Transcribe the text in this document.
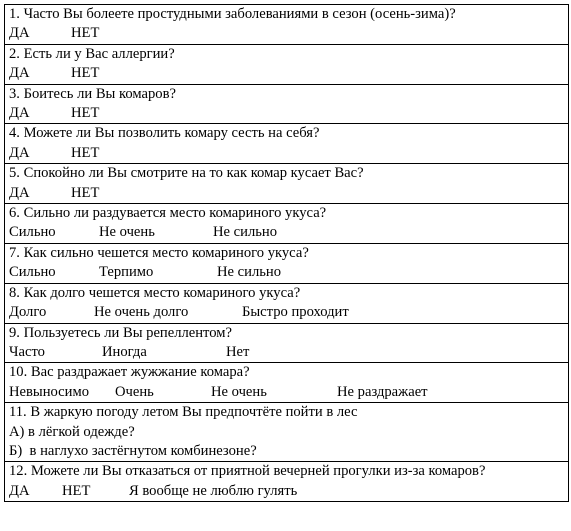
1. Часто Вы болеете простудными заболеваниями в сезон (осень-зима)?
ДА	НЕТ

2. Есть ли у Вас аллергии?
ДА	НЕТ

3. Боитесь ли Вы комаров?
ДА	НЕТ

4. Можете ли Вы позволить комару сесть на себя?
ДА	НЕТ

5. Спокойно ли Вы смотрите на то как комар кусает Вас?
ДА	НЕТ

6. Сильно ли раздувается место комариного укуса?
Сильно	Не очень	Не сильно

7. Как сильно чешется место комариного укуса?
Сильно	Терпимо	Не сильно

8. Как долго чешется место комариного укуса?
Долго	Не очень долго	Быстро проходит

9. Пользуетесь ли Вы репеллентом?
Часто	Иногда	Нет

10. Вас раздражает жужжание комара?
Невыносимо Очень	Не очень	Не раздражает

11. В жаркую погоду летом Вы предпочтёте пойти в лес
А) в лёгкой одежде?
Б)  в наглухо застёгнутом комбинезоне?

12. Можете ли Вы отказаться от приятной вечерней прогулки из-за комаров?
ДА НЕТ	Я вообще не люблю гулять
